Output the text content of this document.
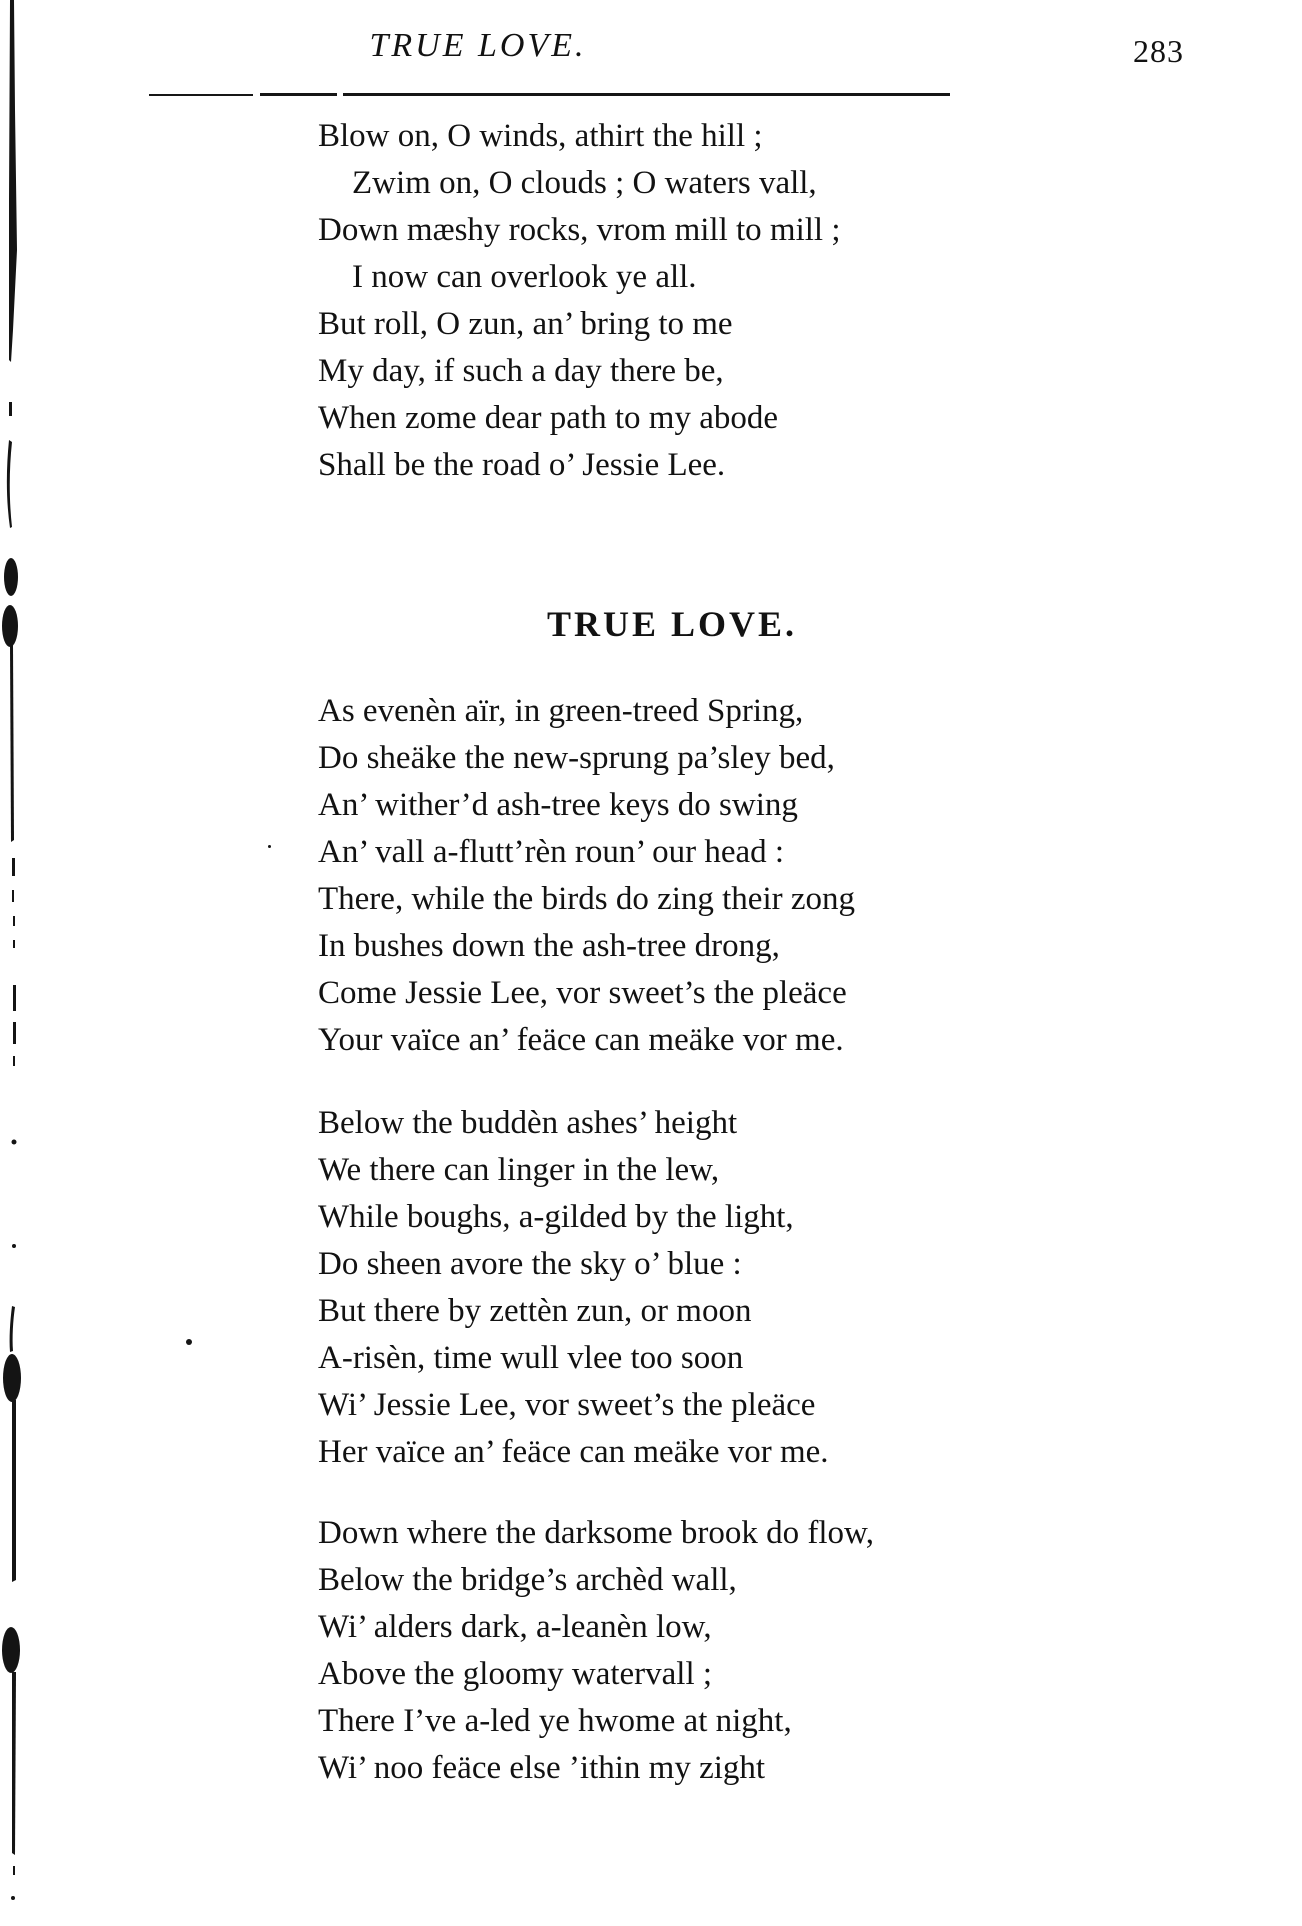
TRUE LOVE.	283
Blow on, O winds, athirt the hill ;
Zwim on, O clouds ; O waters vall,
Down mæshy rocks, vrom mill to mill ;
I now can overlook ye all.
But roll, O zun, an’ bring to me
My day, if such a day there be,
When zome dear path to my abode
Shall be the road o’ Jessie Lee.
TRUE LOVE.
As evenèn aïr, in green-treed Spring,
Do sheäke the new-sprung pa’sley bed,
An’ wither’d ash-tree keys do swing
An’ vall a-flutt’rèn roun’ our head :
There, while the birds do zing their zong
In bushes down the ash-tree drong,
Come Jessie Lee, vor sweet’s the pleäce
Your vaïce an’ feäce can meäke vor me.
Below the buddèn ashes’ height
We there can linger in the lew,
While boughs, a-gilded by the light,
Do sheen avore the sky o’ blue :
But there by zettèn zun, or moon
A-risèn, time wull vlee too soon
Wi’ Jessie Lee, vor sweet’s the pleäce
Her vaïce an’ feäce can meäke vor me.
Down where the darksome brook do flow,
Below the bridge’s archèd wall,
Wi’ alders dark, a-leanèn low,
Above the gloomy watervall ;
There I’ve a-led ye hwome at night,
Wi’ noo feäce else ’ithin my zight
